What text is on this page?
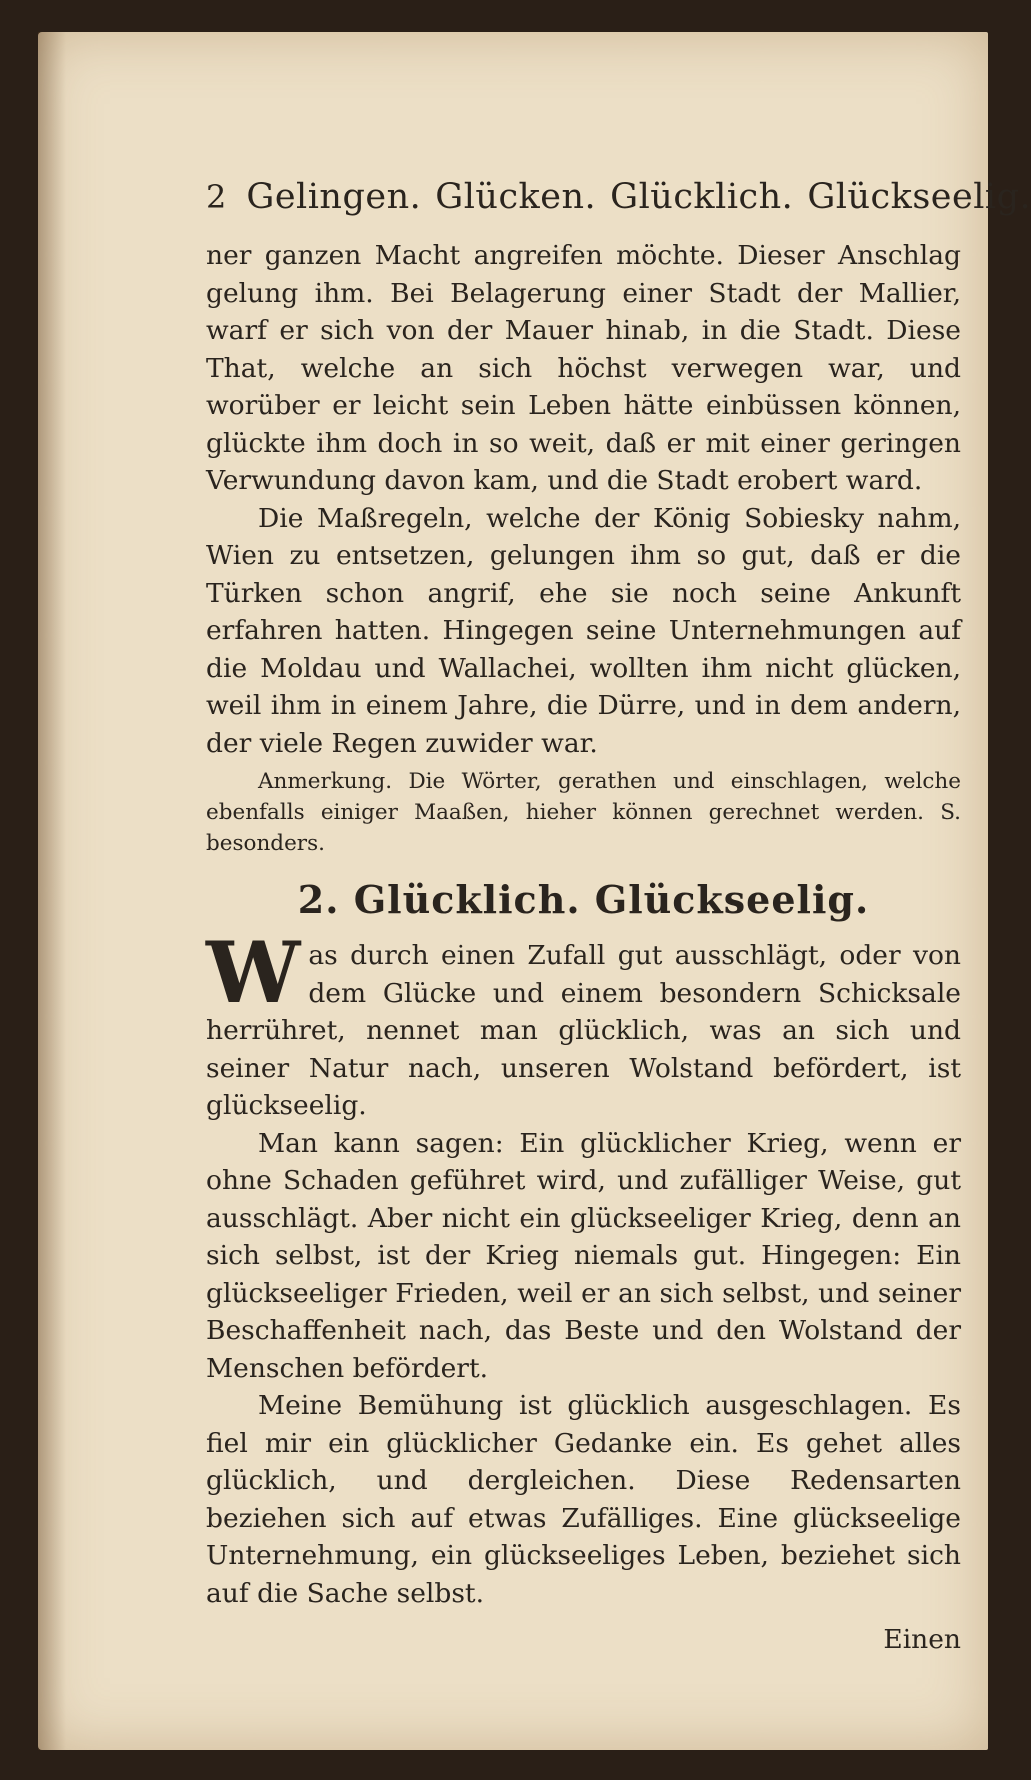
2 Gelingen. Glücken. Glücklich. Glückseelig.

ner ganzen Macht angreifen möchte. Dieser Anschlag gelung ihm. Bei Belagerung einer Stadt der Mallier, warf er sich von der Mauer hinab, in die Stadt. Diese That, welche an sich höchst verwegen war, und worüber er leicht sein Leben hätte einbüssen können, glückte ihm doch in so weit, daß er mit einer geringen Verwundung davon kam, und die Stadt erobert ward.

Die Maßregeln, welche der König Sobiesky nahm, Wien zu entsetzen, gelungen ihm so gut, daß er die Türken schon angrif, ehe sie noch seine Ankunft erfahren hatten. Hingegen seine Unternehmungen auf die Moldau und Wallachei, wollten ihm nicht glücken, weil ihm in einem Jahre, die Dürre, und in dem andern, der viele Regen zuwider war.

Anmerkung. Die Wörter, gerathen und einschlagen, welche ebenfalls einiger Maaßen, hieher können gerechnet werden. S. besonders.

2. Glücklich. Glückseelig.

Was durch einen Zufall gut ausschlägt, oder von dem Glücke und einem besondern Schicksale herrühret, nennet man glücklich, was an sich und seiner Natur nach, unseren Wolstand befördert, ist glückseelig.

Man kann sagen: Ein glücklicher Krieg, wenn er ohne Schaden geführet wird, und zufälliger Weise, gut ausschlägt. Aber nicht ein glückseeliger Krieg, denn an sich selbst, ist der Krieg niemals gut. Hingegen: Ein glückseeliger Frieden, weil er an sich selbst, und seiner Beschaffenheit nach, das Beste und den Wolstand der Menschen befördert.

Meine Bemühung ist glücklich ausgeschlagen. Es fiel mir ein glücklicher Gedanke ein. Es gehet alles glücklich, und dergleichen. Diese Redensarten beziehen sich auf etwas Zufälliges. Eine glückseelige Unternehmung, ein glückseeliges Leben, beziehet sich auf die Sache selbst.

Einen
